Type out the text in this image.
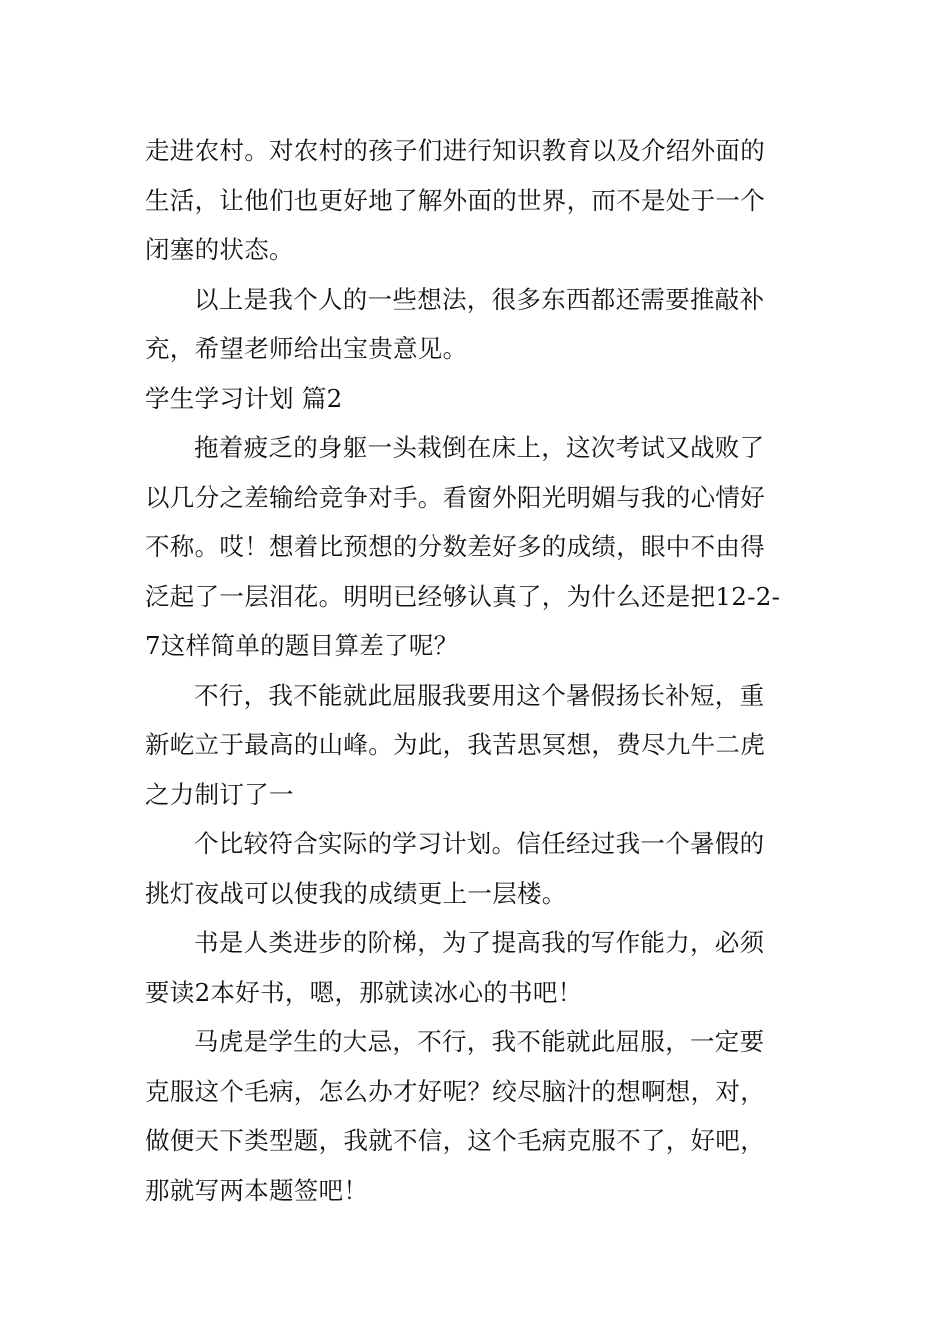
走进农村。对农村的孩子们进行知识教育以及介绍外面的
生活，让他们也更好地了解外面的世界，而不是处于一个
闭塞的状态。

以上是我个人的一些想法，很多东西都还需要推敲补
充，希望老师给出宝贵意见。

学生学习计划 篇2

拖着疲乏的身躯一头栽倒在床上，这次考试又战败了
以几分之差输给竞争对手。看窗外阳光明媚与我的心情好
不称。哎！想着比预想的分数差好多的成绩，眼中不由得
泛起了一层泪花。明明已经够认真了，为什么还是把12-2-
7这样简单的题目算差了呢？

不行，我不能就此屈服我要用这个暑假扬长补短，重
新屹立于最高的山峰。为此，我苦思冥想，费尽九牛二虎
之力制订了一

个比较符合实际的学习计划。信任经过我一个暑假的
挑灯夜战可以使我的成绩更上一层楼。

书是人类进步的阶梯，为了提高我的写作能力，必须
要读2本好书，嗯，那就读冰心的书吧！

马虎是学生的大忌，不行，我不能就此屈服，一定要
克服这个毛病，怎么办才好呢？绞尽脑汁的想啊想，对，
做便天下类型题，我就不信，这个毛病克服不了，好吧，
那就写两本题签吧！
